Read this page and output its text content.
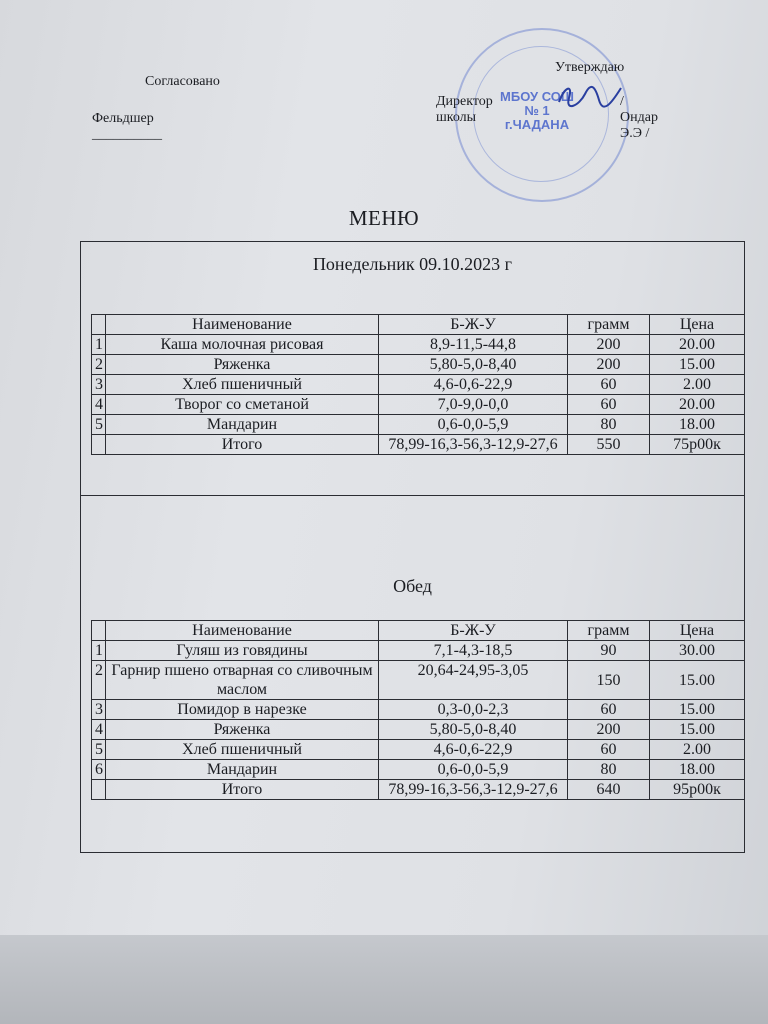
Согласовано
Фельдшер __________
МБОУ СОШ № 1 г.ЧАДАНА
Утверждаю
Директор школы
/ Ондар Э.Э /
МЕНЮ
Понедельник 09.10.2023 г
	Наименование	Б-Ж-У	грамм	Цена
1	Каша молочная рисовая	8,9-11,5-44,8	200	20.00
2	Ряженка	5,80-5,0-8,40	200	15.00
3	Хлеб пшеничный	4,6-0,6-22,9	60	2.00
4	Творог со сметаной	7,0-9,0-0,0	60	20.00
5	Мандарин	0,6-0,0-5,9	80	18.00
	Итого	78,99-16,3-56,3-12,9-27,6	550	75р00к
Обед
	Наименование	Б-Ж-У	грамм	Цена
1	Гуляш из говядины	7,1-4,3-18,5	90	30.00
2	Гарнир пшено отварная со сливочным маслом	20,64-24,95-3,05	150	15.00
3	Помидор в нарезке	0,3-0,0-2,3	60	15.00
4	Ряженка	5,80-5,0-8,40	200	15.00
5	Хлеб пшеничный	4,6-0,6-22,9	60	2.00
6	Мандарин	0,6-0,0-5,9	80	18.00
	Итого	78,99-16,3-56,3-12,9-27,6	640	95р00к
